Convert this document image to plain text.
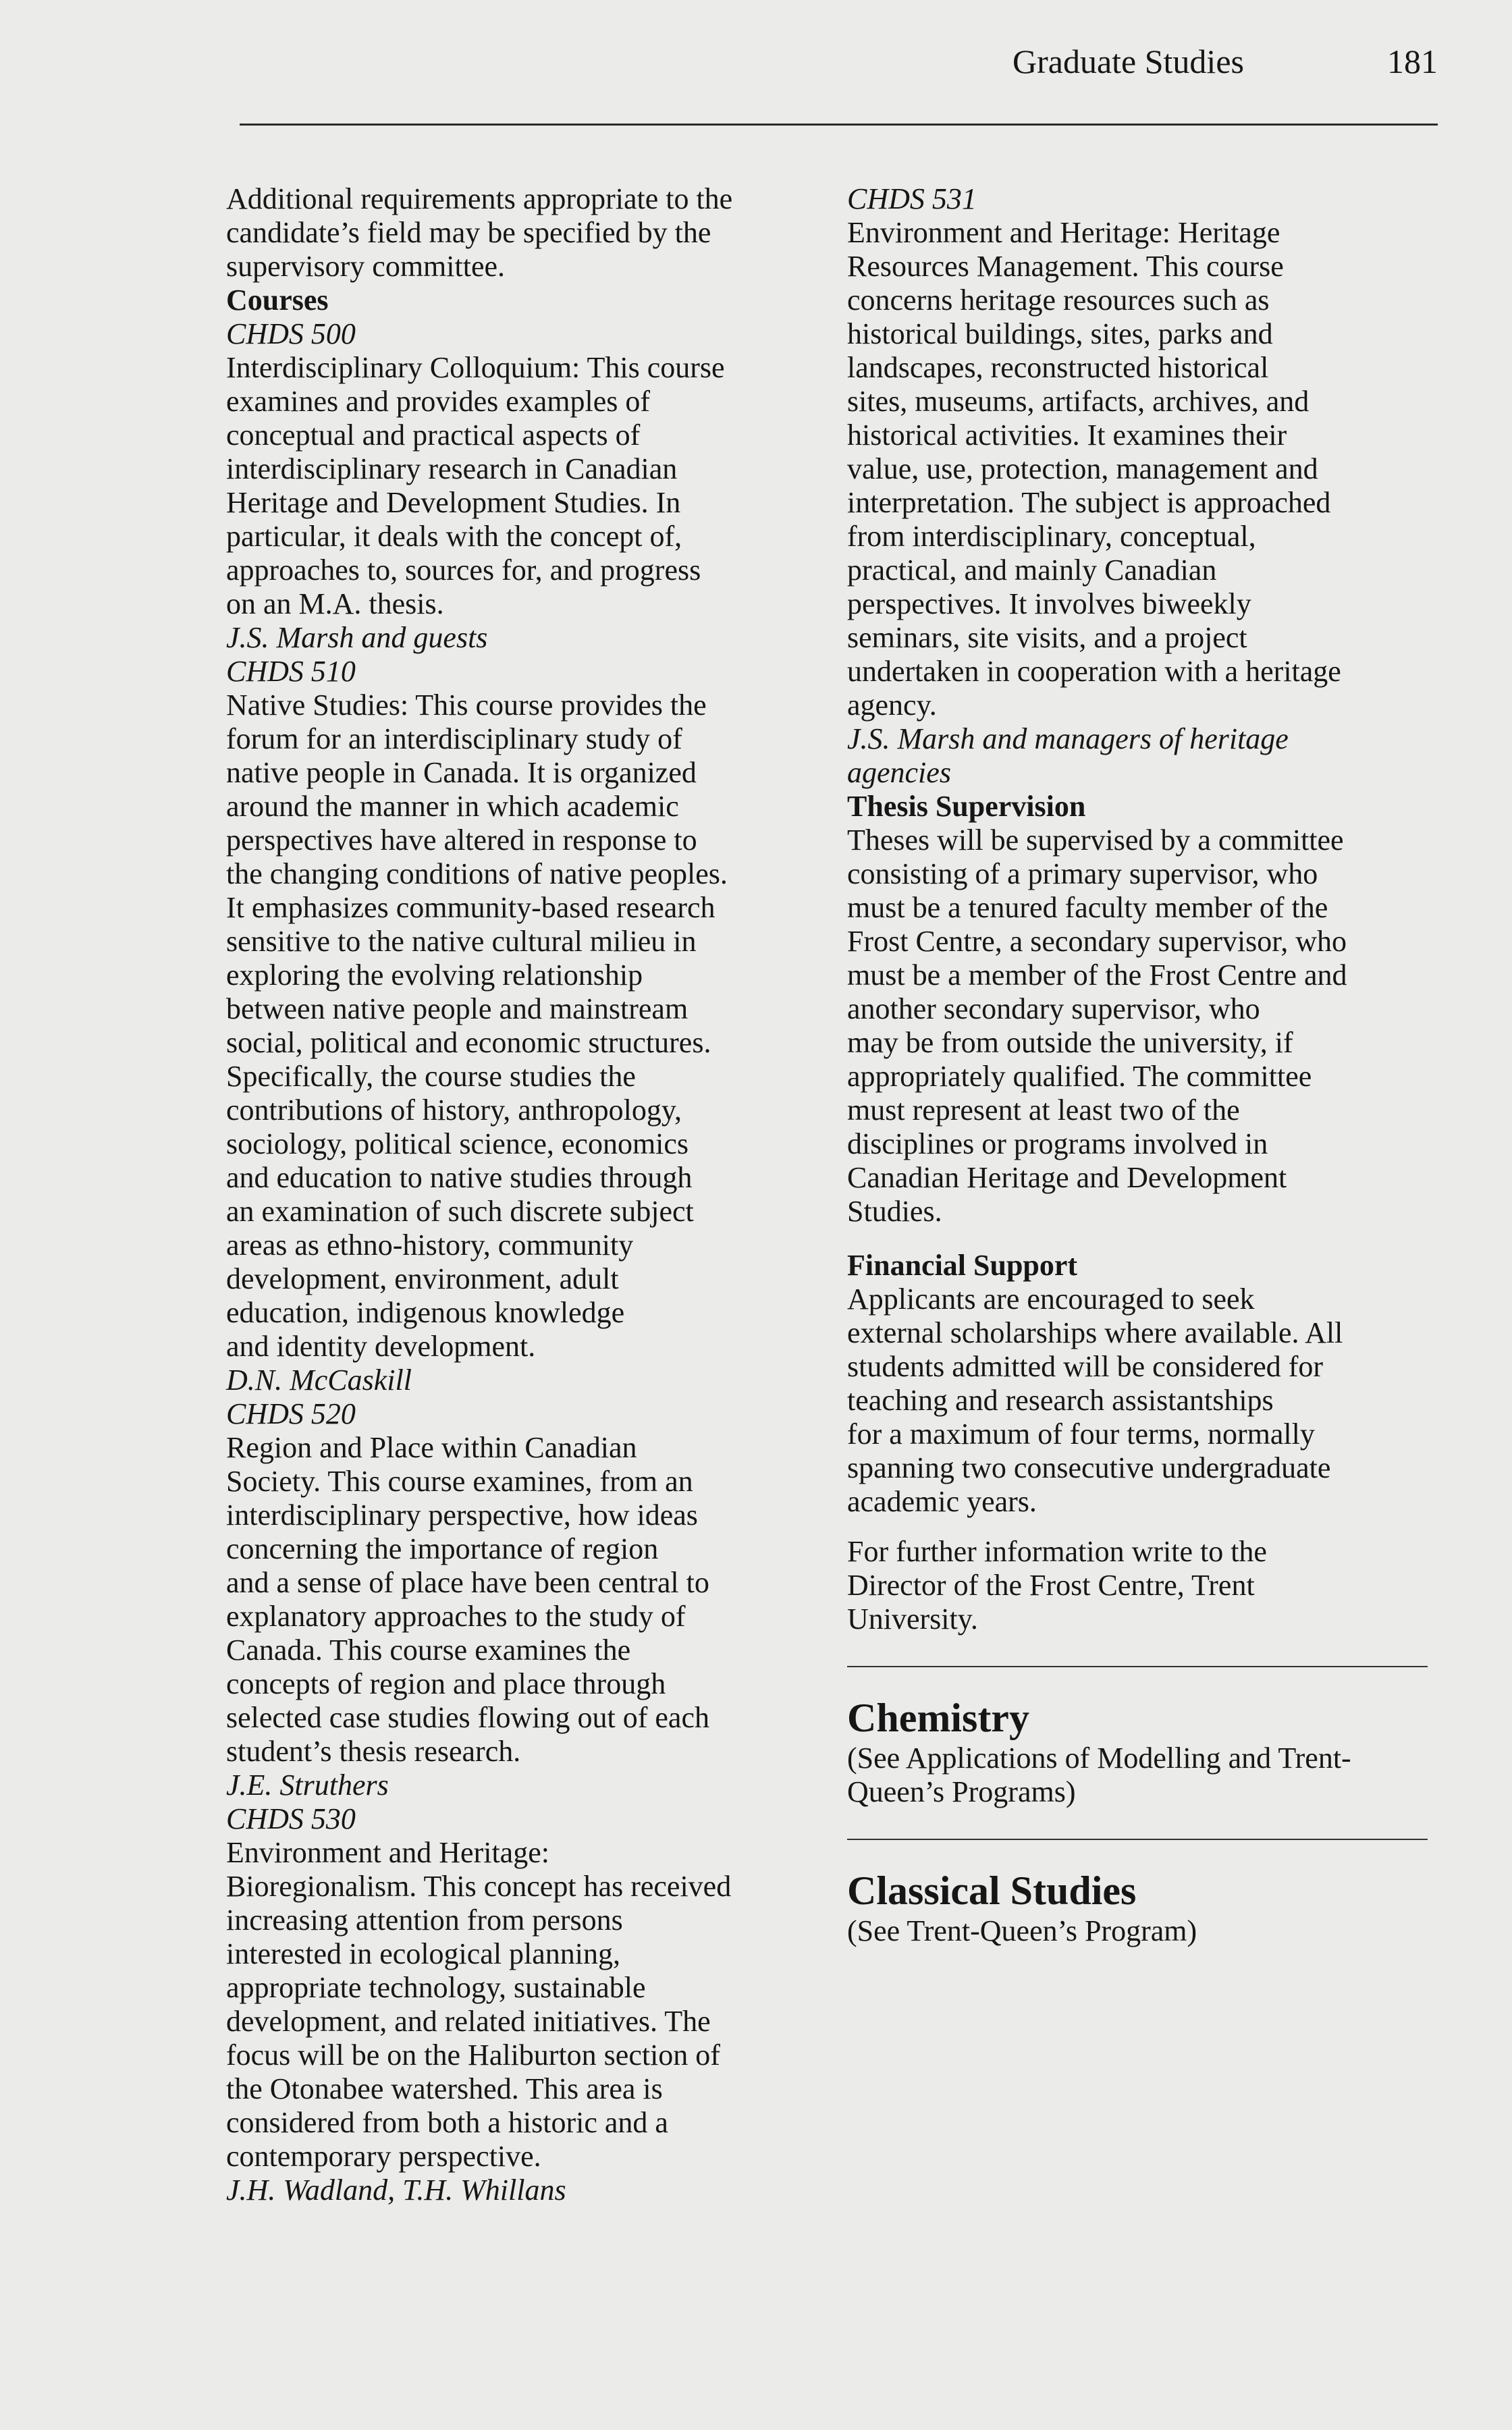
Graduate Studies	181

Additional requirements appropriate to the
candidate’s field may be specified by the
supervisory committee.

Courses

CHDS 500

Interdisciplinary Colloquium: This course
examines and provides examples of
conceptual and practical aspects of
interdisciplinary research in Canadian
Heritage and Development Studies. In
particular, it deals with the concept of,
approaches to, sources for, and progress
on an M.A. thesis.

J.S. Marsh and guests

CHDS 510

Native Studies: This course provides the
forum for an interdisciplinary study of
native people in Canada. It is organized
around the manner in which academic
perspectives have altered in response to
the changing conditions of native peoples.
It emphasizes community-based research
sensitive to the native cultural milieu in
exploring the evolving relationship
between native people and mainstream
social, political and economic structures.
Specifically, the course studies the
contributions of history, anthropology,
sociology, political science, economics
and education to native studies through
an examination of such discrete subject
areas as ethno-history, community
development, environment, adult
education, indigenous knowledge
and identity development.

D.N. McCaskill

CHDS 520

Region and Place within Canadian
Society. This course examines, from an
interdisciplinary perspective, how ideas
concerning the importance of region
and a sense of place have been central to
explanatory approaches to the study of
Canada. This course examines the
concepts of region and place through
selected case studies flowing out of each
student’s thesis research.

J.E. Struthers

CHDS 530

Environment and Heritage:
Bioregionalism. This concept has received
increasing attention from persons
interested in ecological planning,
appropriate technology, sustainable
development, and related initiatives. The
focus will be on the Haliburton section of
the Otonabee watershed. This area is
considered from both a historic and a
contemporary perspective.

J.H. Wadland, T.H. Whillans

CHDS 531

Environment and Heritage: Heritage
Resources Management. This course
concerns heritage resources such as
historical buildings, sites, parks and
landscapes, reconstructed historical
sites, museums, artifacts, archives, and
historical activities. It examines their
value, use, protection, management and
interpretation. The subject is approached
from interdisciplinary, conceptual,
practical, and mainly Canadian
perspectives. It involves biweekly
seminars, site visits, and a project
undertaken in cooperation with a heritage
agency.

J.S. Marsh and managers of heritage
agencies

Thesis Supervision

Theses will be supervised by a committee
consisting of a primary supervisor, who
must be a tenured faculty member of the
Frost Centre, a secondary supervisor, who
must be a member of the Frost Centre and
another secondary supervisor, who
may be from outside the university, if
appropriately qualified. The committee
must represent at least two of the
disciplines or programs involved in
Canadian Heritage and Development
Studies.

Financial Support

Applicants are encouraged to seek
external scholarships where available. All
students admitted will be considered for
teaching and research assistantships
for a maximum of four terms, normally
spanning two consecutive undergraduate
academic years.

For further information write to the
Director of the Frost Centre, Trent
University.

Chemistry

(See Applications of Modelling and Trent-
Queen’s Programs)

Classical Studies

(See Trent-Queen’s Program)
